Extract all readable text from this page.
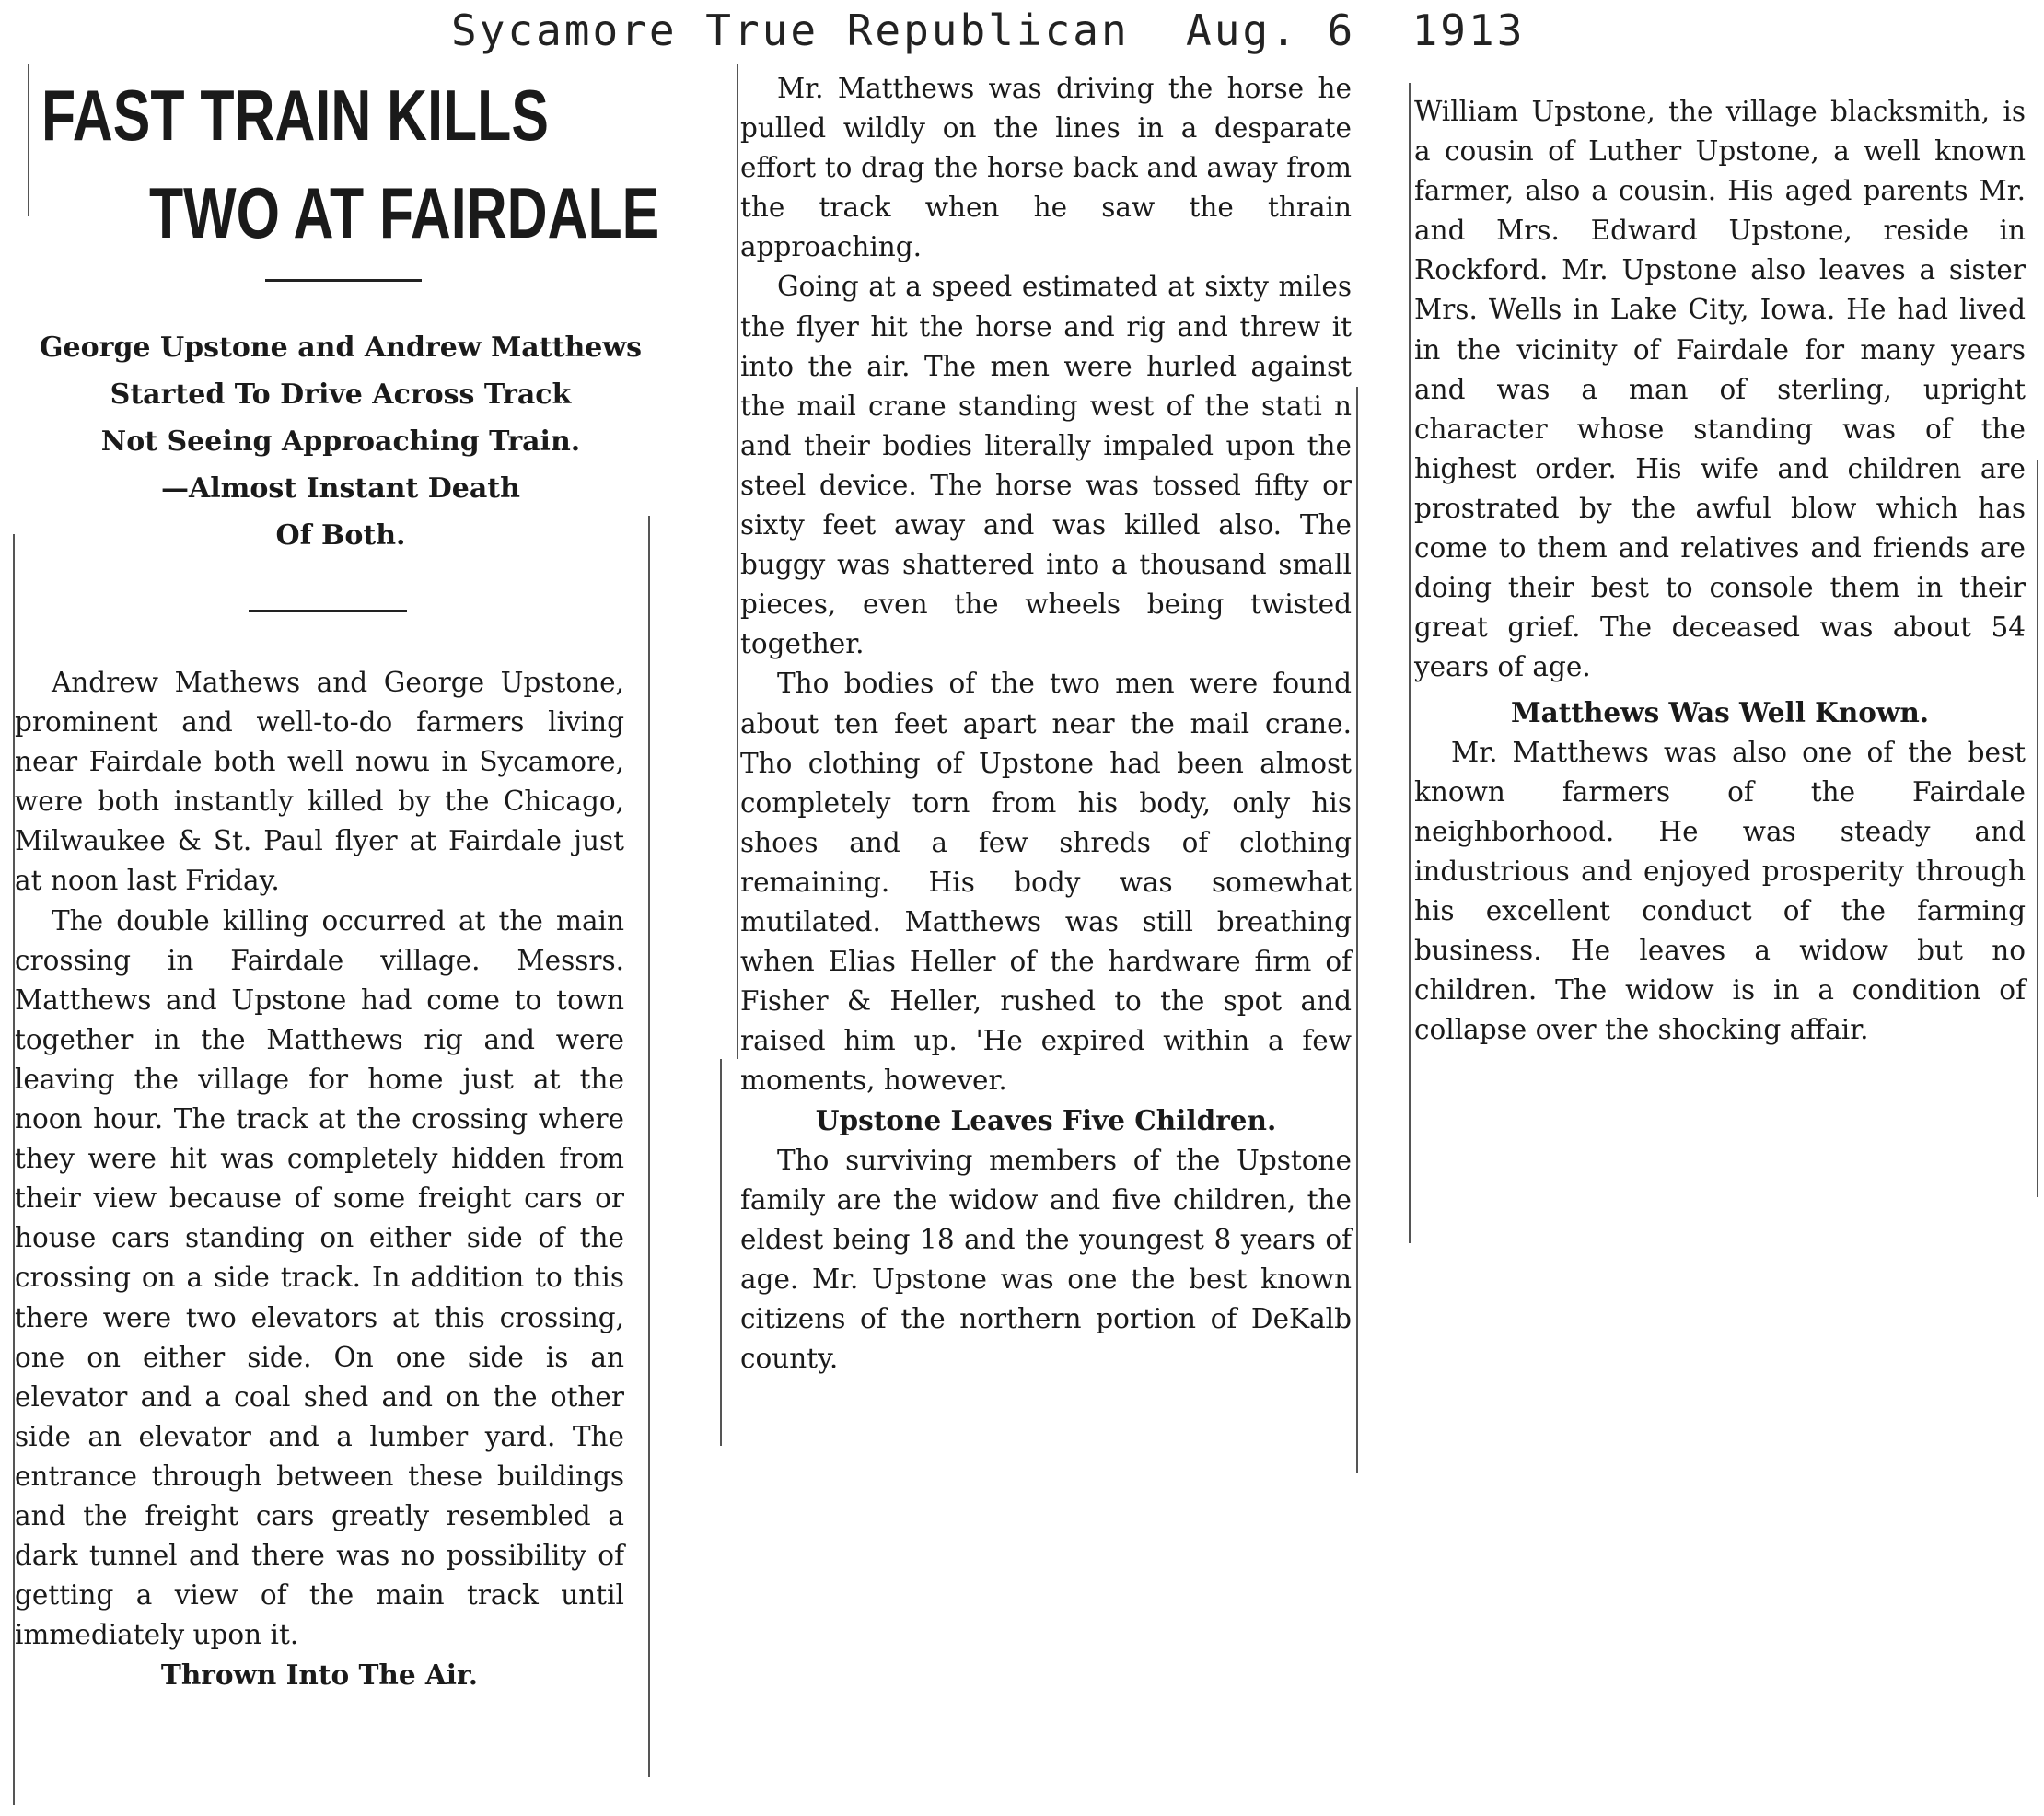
Sycamore True Republican  Aug. 6  1913
FAST TRAIN KILLS
TWO AT FAIRDALE
George Upstone and Andrew Matthews
Started To Drive Across Track
Not Seeing Approaching Train.
—Almost Instant Death
Of Both.

Andrew Mathews and George Upstone, prominent and well-to-do farmers living near Fairdale both well nowu in Sycamore, were both instantly killed by the Chicago, Milwaukee & St. Paul flyer at Fairdale just at noon last Friday.

The double killing occurred at the main crossing in Fairdale village. Messrs. Matthews and Upstone had come to town together in the Matthews rig and were leaving the village for home just at the noon hour. The track at the crossing where they were hit was completely hidden from their view because of some freight cars or house cars standing on either side of the crossing on a side track. In addition to this there were two elevators at this crossing, one on either side. On one side is an elevator and a coal shed and on the other side an elevator and a lumber yard. The entrance through between these buildings and the freight cars greatly resembled a dark tunnel and there was no possibility of getting a view of the main track until immediately upon it.

Thrown Into The Air.

Mr. Matthews was driving the horse he pulled wildly on the lines in a desparate effort to drag the horse back and away from the track when he saw the thrain approaching.

Going at a speed estimated at sixty miles the flyer hit the horse and rig and threw it into the air. The men were hurled against the mail crane standing west of the stati n and their bodies literally impaled upon the steel device. The horse was tossed fifty or sixty feet away and was killed also. The buggy was shattered into a thousand small pieces, even the wheels being twisted together.

Tho bodies of the two men were found about ten feet apart near the mail crane. Tho clothing of Upstone had been almost completely torn from his body, only his shoes and a few shreds of clothing remaining. His body was somewhat mutilated. Matthews was still breathing when Elias Heller of the hardware firm of Fisher & Heller, rushed to the spot and raised him up. 'He expired within a few moments, however.

Upstone Leaves Five Children.

Tho surviving members of the Upstone family are the widow and five children, the eldest being 18 and the youngest 8 years of age. Mr. Upstone was one the best known citizens of the northern portion of DeKalb county.

William Upstone, the village blacksmith, is a cousin of Luther Upstone, a well known farmer, also a cousin. His aged parents Mr. and Mrs. Edward Upstone, reside in Rockford. Mr. Upstone also leaves a sister Mrs. Wells in Lake City, Iowa. He had lived in the vicinity of Fairdale for many years and was a man of sterling, upright character whose standing was of the highest order. His wife and children are prostrated by the awful blow which has come to them and relatives and friends are doing their best to console them in their great grief. The deceased was about 54 years of age.

Matthews Was Well Known.

Mr. Matthews was also one of the best known farmers of the Fairdale neighborhood. He was steady and industrious and enjoyed prosperity through his excellent conduct of the farming business. He leaves a widow but no children. The widow is in a condition of collapse over the shocking affair.
